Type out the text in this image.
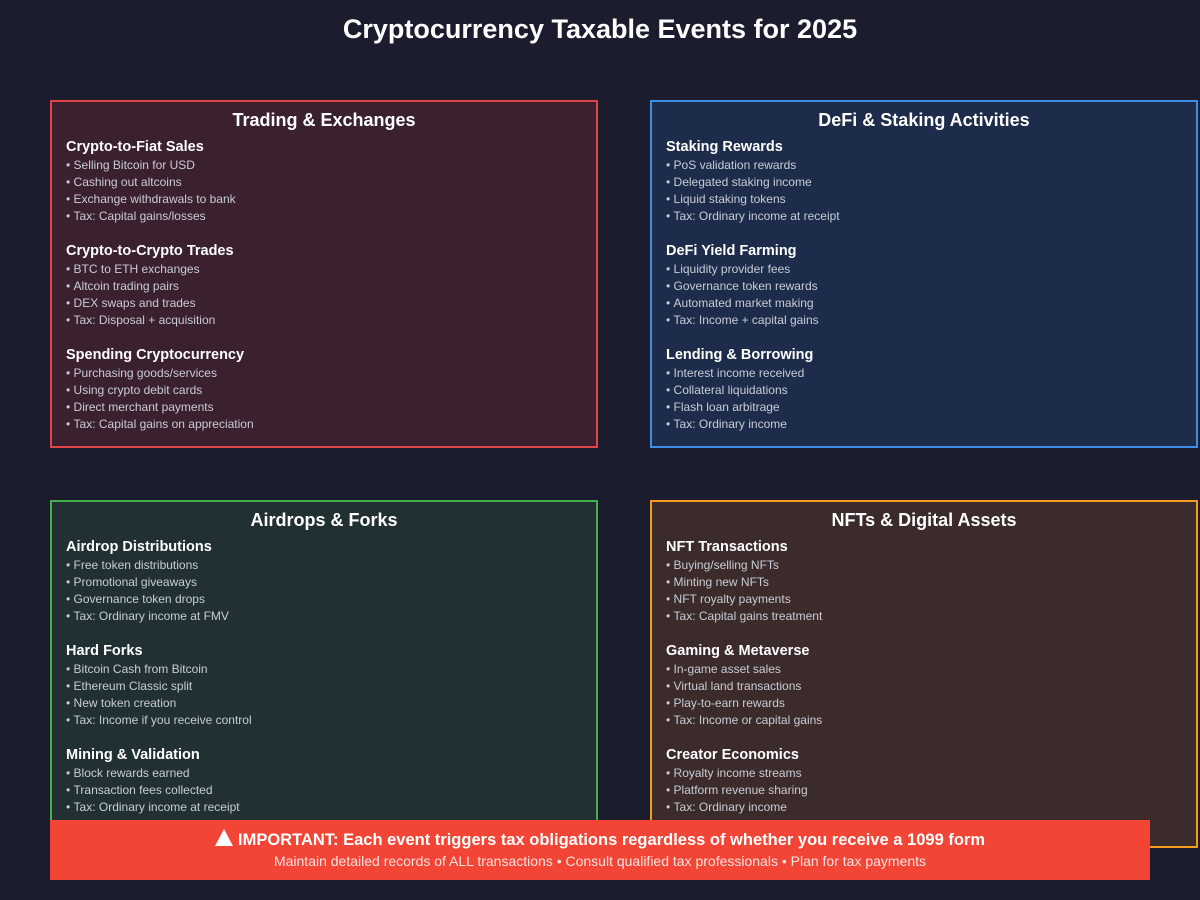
Cryptocurrency Taxable Events for 2025
Trading & Exchanges
Crypto-to-Fiat Sales
• Selling Bitcoin for USD
• Cashing out altcoins
• Exchange withdrawals to bank
• Tax: Capital gains/losses
Crypto-to-Crypto Trades
• BTC to ETH exchanges
• Altcoin trading pairs
• DEX swaps and trades
• Tax: Disposal + acquisition
Spending Cryptocurrency
• Purchasing goods/services
• Using crypto debit cards
• Direct merchant payments
• Tax: Capital gains on appreciation
DeFi & Staking Activities
Staking Rewards
• PoS validation rewards
• Delegated staking income
• Liquid staking tokens
• Tax: Ordinary income at receipt
DeFi Yield Farming
• Liquidity provider fees
• Governance token rewards
• Automated market making
• Tax: Income + capital gains
Lending & Borrowing
• Interest income received
• Collateral liquidations
• Flash loan arbitrage
• Tax: Ordinary income
Airdrops & Forks
Airdrop Distributions
• Free token distributions
• Promotional giveaways
• Governance token drops
• Tax: Ordinary income at FMV
Hard Forks
• Bitcoin Cash from Bitcoin
• Ethereum Classic split
• New token creation
• Tax: Income if you receive control
Mining & Validation
• Block rewards earned
• Transaction fees collected
• Tax: Ordinary income at receipt
NFTs & Digital Assets
NFT Transactions
• Buying/selling NFTs
• Minting new NFTs
• NFT royalty payments
• Tax: Capital gains treatment
Gaming & Metaverse
• In-game asset sales
• Virtual land transactions
• Play-to-earn rewards
• Tax: Income or capital gains
Creator Economics
• Royalty income streams
• Platform revenue sharing
• Tax: Ordinary income
IMPORTANT: Each event triggers tax obligations regardless of whether you receive a 1099 form
Maintain detailed records of ALL transactions • Consult qualified tax professionals • Plan for tax payments
